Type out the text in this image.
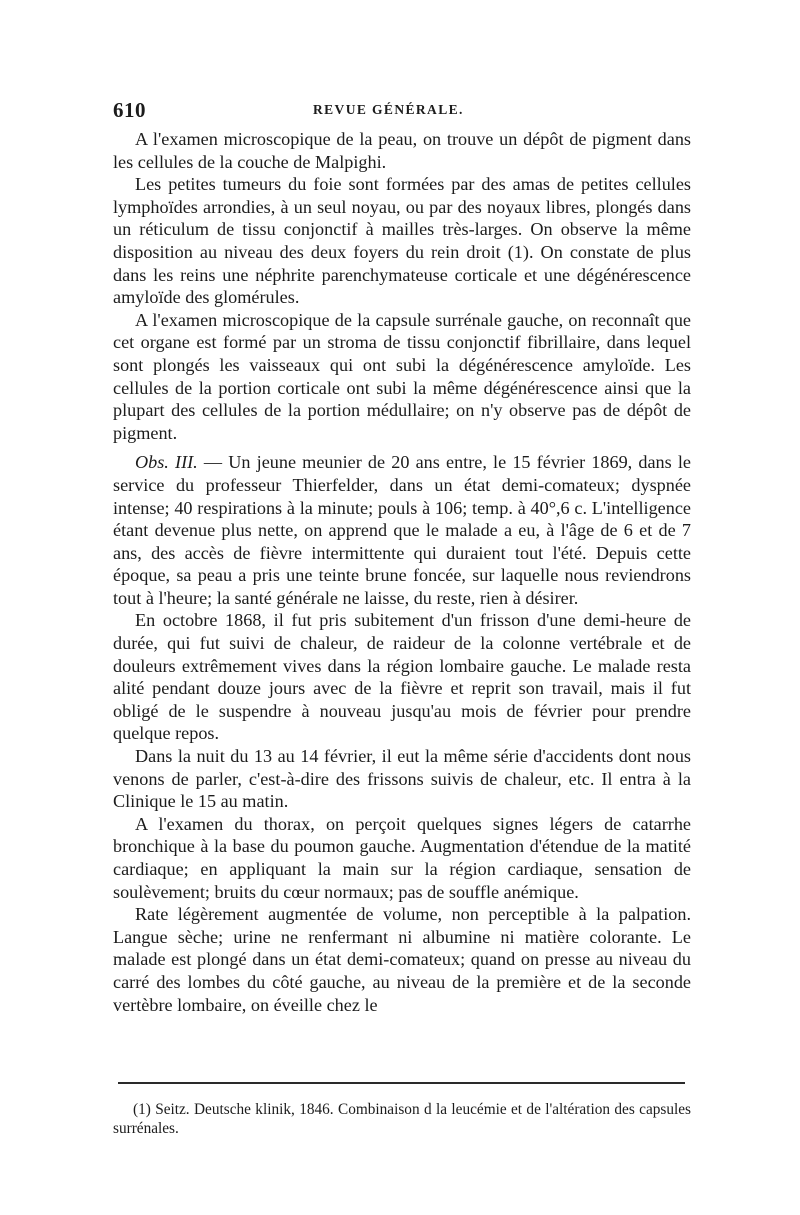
610	REVUE GÉNÉRALE.

A l'examen microscopique de la peau, on trouve un dépôt de pigment dans les cellules de la couche de Malpighi.

Les petites tumeurs du foie sont formées par des amas de petites cellules lymphoïdes arrondies, à un seul noyau, ou par des noyaux libres, plongés dans un réticulum de tissu conjonctif à mailles très-larges. On observe la même disposition au niveau des deux foyers du rein droit (1). On constate de plus dans les reins une néphrite parenchymateuse corticale et une dégénérescence amyloïde des glomérules.

A l'examen microscopique de la capsule surrénale gauche, on reconnaît que cet organe est formé par un stroma de tissu conjonctif fibrillaire, dans lequel sont plongés les vaisseaux qui ont subi la dégénérescence amyloïde. Les cellules de la portion corticale ont subi la même dégénérescence ainsi que la plupart des cellules de la portion médullaire; on n'y observe pas de dépôt de pigment.

Obs. III. — Un jeune meunier de 20 ans entre, le 15 février 1869, dans le service du professeur Thierfelder, dans un état demi-comateux; dyspnée intense; 40 respirations à la minute; pouls à 106; temp. à 40°,6 c. L'intelligence étant devenue plus nette, on apprend que le malade a eu, à l'âge de 6 et de 7 ans, des accès de fièvre intermittente qui duraient tout l'été. Depuis cette époque, sa peau a pris une teinte brune foncée, sur laquelle nous reviendrons tout à l'heure; la santé générale ne laisse, du reste, rien à désirer.

En octobre 1868, il fut pris subitement d'un frisson d'une demi-heure de durée, qui fut suivi de chaleur, de raideur de la colonne vertébrale et de douleurs extrêmement vives dans la région lombaire gauche. Le malade resta alité pendant douze jours avec de la fièvre et reprit son travail, mais il fut obligé de le suspendre à nouveau jusqu'au mois de février pour prendre quelque repos.

Dans la nuit du 13 au 14 février, il eut la même série d'accidents dont nous venons de parler, c'est-à-dire des frissons suivis de chaleur, etc. Il entra à la Clinique le 15 au matin.

A l'examen du thorax, on perçoit quelques signes légers de catarrhe bronchique à la base du poumon gauche. Augmentation d'étendue de la matité cardiaque; en appliquant la main sur la région cardiaque, sensation de soulèvement; bruits du cœur normaux; pas de souffle anémique.

Rate légèrement augmentée de volume, non perceptible à la palpation. Langue sèche; urine ne renfermant ni albumine ni matière colorante. Le malade est plongé dans un état demi-comateux; quand on presse au niveau du carré des lombes du côté gauche, au niveau de la première et de la seconde vertèbre lombaire, on éveille chez le

(1) Seitz. Deutsche klinik, 1846. Combinaison d la leucémie et de l'altération des capsules surrénales.
